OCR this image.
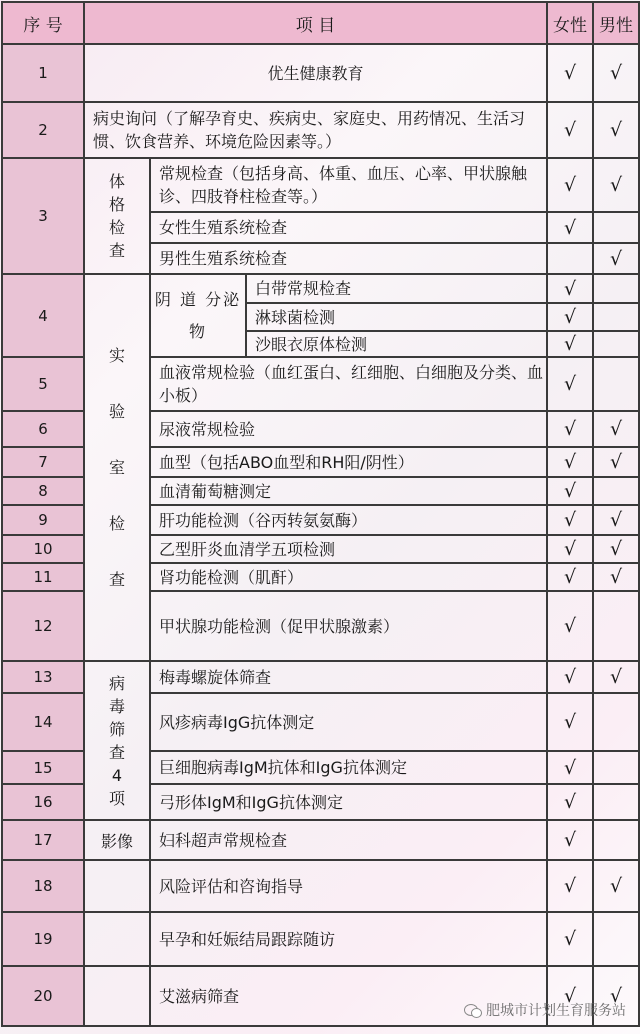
序 号	项 目			女性	男性
1	优生健康教育			√	√
2	病史询问（了解孕育史、疾病史、家庭史、用药情况、生活习惯、饮食营养、环境危险因素等。）			√	√
3	体格检查	常规检查（包括身高、体重、血压、心率、甲状腺触诊、四肢脊柱检查等。）		√	√
		女性生殖系统检查		√	
		男性生殖系统检查			√
4	实验室检查	阴 道 分泌物	白带常规检查	√	
			淋球菌检测	√	
			沙眼衣原体检测	√	
5		血液常规检验（血红蛋白、红细胞、白细胞及分类、血小板）		√	
6		尿液常规检验		√	√
7		血型（包括ABO血型和RH阳/阴性）		√	√
8		血清葡萄糖测定		√	
9		肝功能检测（谷丙转氨氨酶）		√	√
10		乙型肝炎血清学五项检测		√	√
11		肾功能检测（肌酐）		√	√
12		甲状腺功能检测（促甲状腺激素）		√	
13	病毒筛查4项	梅毒螺旋体筛查		√	√
14		风疹病毒IgG抗体测定		√	
15		巨细胞病毒IgM抗体和IgG抗体测定		√	
16		弓形体IgM和IgG抗体测定		√	
17	影像	妇科超声常规检查		√	
18		风险评估和咨询指导		√	√
19		早孕和妊娠结局跟踪随访		√	
20		艾滋病筛查		√	√
肥城市计划生育服务站
